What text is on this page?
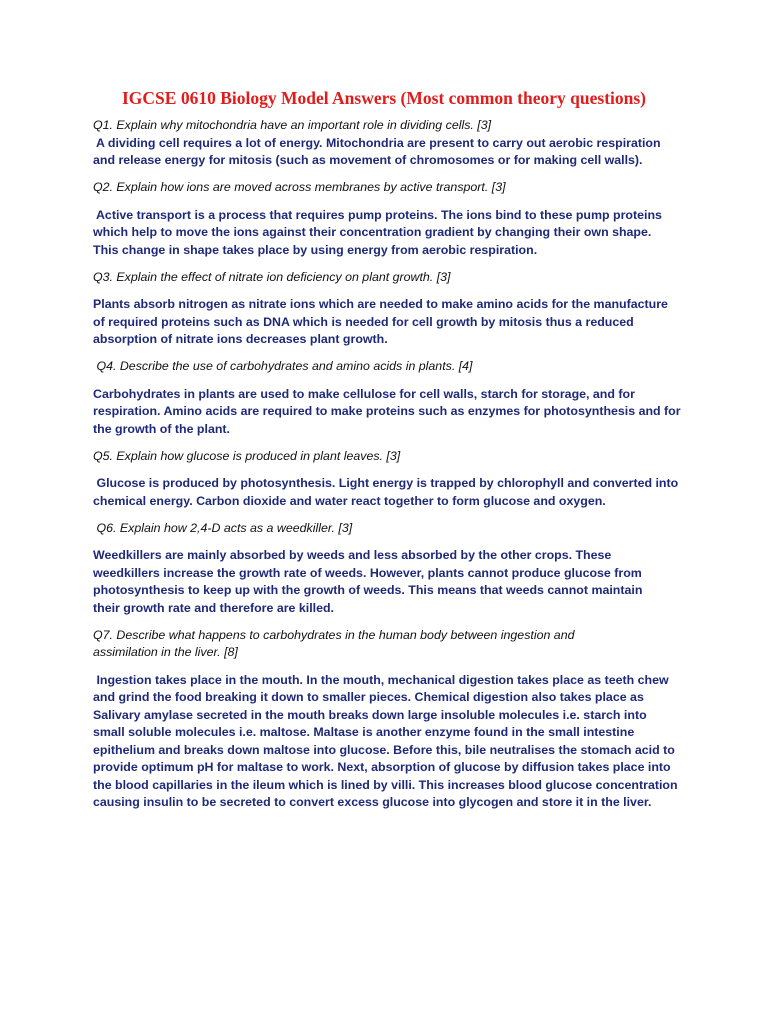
IGCSE 0610 Biology Model Answers (Most common theory questions)

Q1. Explain why mitochondria have an important role in dividing cells. [3]

A dividing cell requires a lot of energy. Mitochondria are present to carry out aerobic respiration
and release energy for mitosis (such as movement of chromosomes or for making cell walls).

Q2. Explain how ions are moved across membranes by active transport. [3]

Active transport is a process that requires pump proteins. The ions bind to these pump proteins
which help to move the ions against their concentration gradient by changing their own shape.
This change in shape takes place by using energy from aerobic respiration.

Q3. Explain the effect of nitrate ion deficiency on plant growth. [3]

Plants absorb nitrogen as nitrate ions which are needed to make amino acids for the manufacture
of required proteins such as DNA which is needed for cell growth by mitosis thus a reduced
absorption of nitrate ions decreases plant growth.

Q4. Describe the use of carbohydrates and amino acids in plants. [4]

Carbohydrates in plants are used to make cellulose for cell walls, starch for storage, and for
respiration. Amino acids are required to make proteins such as enzymes for photosynthesis and for
the growth of the plant.

Q5. Explain how glucose is produced in plant leaves. [3]

Glucose is produced by photosynthesis. Light energy is trapped by chlorophyll and converted into
chemical energy. Carbon dioxide and water react together to form glucose and oxygen.

Q6. Explain how 2,4-D acts as a weedkiller. [3]

Weedkillers are mainly absorbed by weeds and less absorbed by the other crops. These
weedkillers increase the growth rate of weeds. However, plants cannot produce glucose from
photosynthesis to keep up with the growth of weeds. This means that weeds cannot maintain
their growth rate and therefore are killed.

Q7. Describe what happens to carbohydrates in the human body between ingestion and
assimilation in the liver. [8]

Ingestion takes place in the mouth. In the mouth, mechanical digestion takes place as teeth chew
and grind the food breaking it down to smaller pieces. Chemical digestion also takes place as
Salivary amylase secreted in the mouth breaks down large insoluble molecules i.e. starch into
small soluble molecules i.e. maltose. Maltase is another enzyme found in the small intestine
epithelium and breaks down maltose into glucose. Before this, bile neutralises the stomach acid to
provide optimum pH for maltase to work. Next, absorption of glucose by diffusion takes place into
the blood capillaries in the ileum which is lined by villi. This increases blood glucose concentration
causing insulin to be secreted to convert excess glucose into glycogen and store it in the liver.
